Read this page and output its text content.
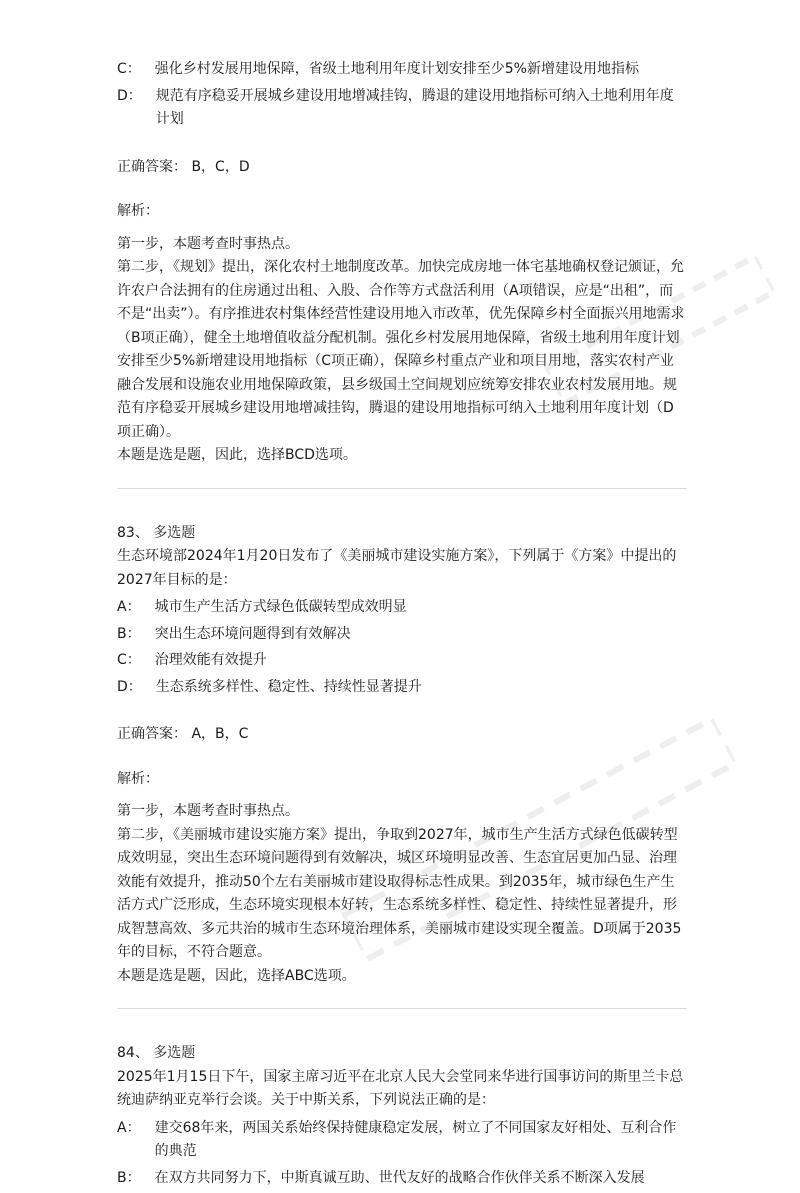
C： 强化乡村发展用地保障，省级土地利用年度计划安排至少5%新增建设用地指标
D： 规范有序稳妥开展城乡建设用地增减挂钩，腾退的建设用地指标可纳入土地利用年度计划
正确答案： B，C，D
解析：
第一步，本题考查时事热点。
第二步，《规划》提出，深化农村土地制度改革。加快完成房地一体宅基地确权登记颁证，允许农户合法拥有的住房通过出租、入股、合作等方式盘活利用（A项错误，应是“出租”，而不是“出卖”）。有序推进农村集体经营性建设用地入市改革，优先保障乡村全面振兴用地需求（B项正确），健全土地增值收益分配机制。强化乡村发展用地保障，省级土地利用年度计划安排至少5%新增建设用地指标（C项正确），保障乡村重点产业和项目用地，落实农村产业融合发展和设施农业用地保障政策，县乡级国土空间规划应统筹安排农业农村发展用地。规范有序稳妥开展城乡建设用地增减挂钩，腾退的建设用地指标可纳入土地利用年度计划（D项正确）。
本题是选是题，因此，选择BCD选项。
83、 多选题
生态环境部2024年1月20日发布了《美丽城市建设实施方案》，下列属于《方案》中提出的2027年目标的是：
A： 城市生产生活方式绿色低碳转型成效明显
B： 突出生态环境问题得到有效解决
C： 治理效能有效提升
D： 生态系统多样性、稳定性、持续性显著提升
正确答案： A，B，C
解析：
第一步，本题考查时事热点。
第二步，《美丽城市建设实施方案》提出，争取到2027年，城市生产生活方式绿色低碳转型成效明显，突出生态环境问题得到有效解决，城区环境明显改善、生态宜居更加凸显、治理效能有效提升，推动50个左右美丽城市建设取得标志性成果。到2035年，城市绿色生产生活方式广泛形成，生态环境实现根本好转，生态系统多样性、稳定性、持续性显著提升，形成智慧高效、多元共治的城市生态环境治理体系，美丽城市建设实现全覆盖。D项属于2035年的目标，不符合题意。
本题是选是题，因此，选择ABC选项。
84、 多选题
2025年1月15日下午，国家主席习近平在北京人民大会堂同来华进行国事访问的斯里兰卡总统迪萨纳亚克举行会谈。关于中斯关系，下列说法正确的是：
A： 建交68年来，两国关系始终保持健康稳定发展，树立了不同国家友好相处、互利合作的典范
B： 在双方共同努力下，中斯真诚互助、世代友好的战略合作伙伴关系不断深入发展
